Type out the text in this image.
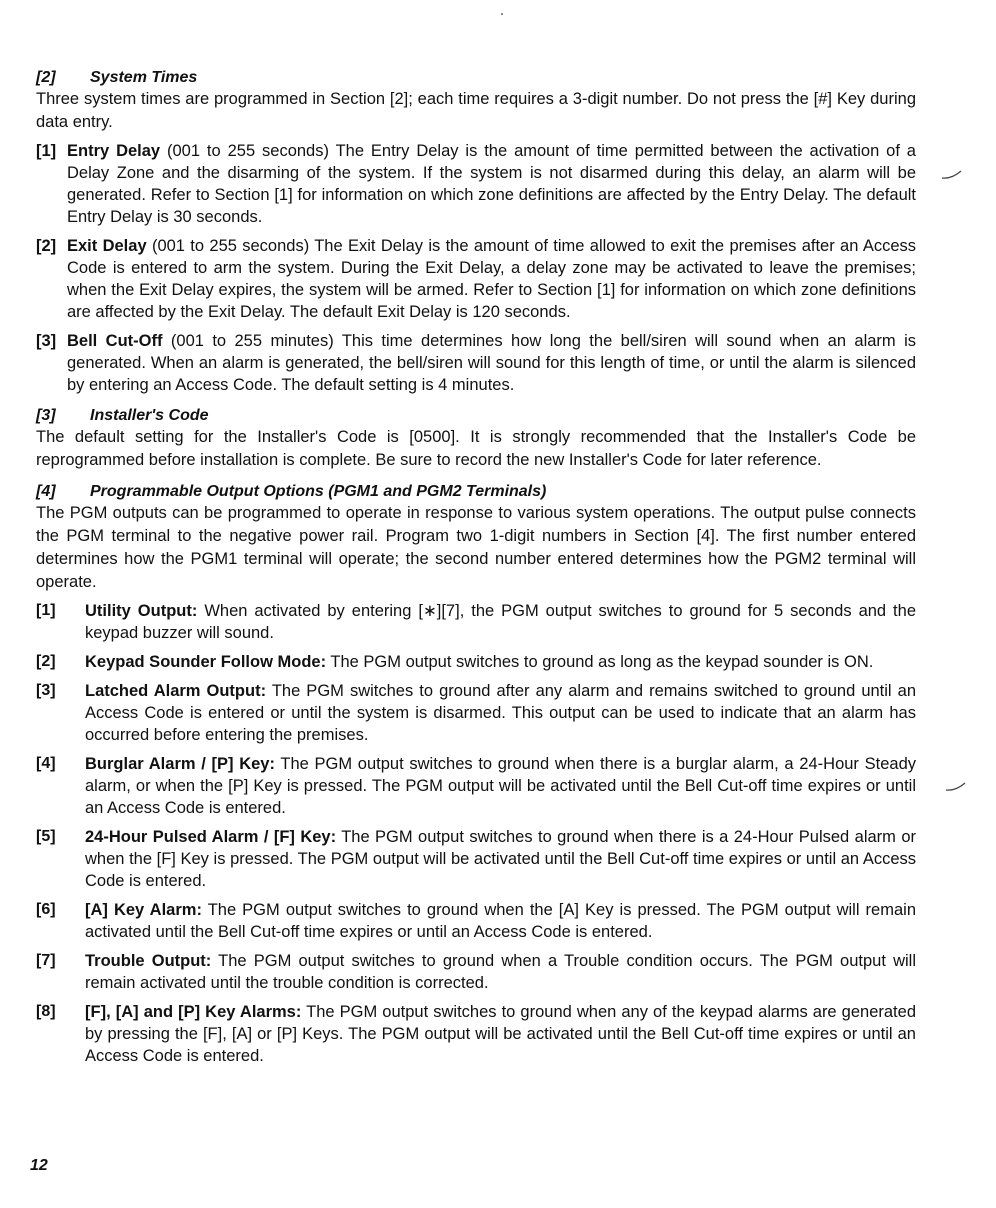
[2] System Times

Three system times are programmed in Section [2]; each time requires a 3-digit number. Do not press the [#] Key during data entry.

[1] Entry Delay (001 to 255 seconds) The Entry Delay is the amount of time permitted between the activation of a Delay Zone and the disarming of the system. If the system is not disarmed during this delay, an alarm will be generated. Refer to Section [1] for information on which zone definitions are affected by the Entry Delay. The default Entry Delay is 30 seconds.

[2] Exit Delay (001 to 255 seconds) The Exit Delay is the amount of time allowed to exit the premises after an Access Code is entered to arm the system. During the Exit Delay, a delay zone may be activated to leave the premises; when the Exit Delay expires, the system will be armed. Refer to Section [1] for information on which zone definitions are affected by the Exit Delay. The default Exit Delay is 120 seconds.

[3] Bell Cut-Off (001 to 255 minutes) This time determines how long the bell/siren will sound when an alarm is generated. When an alarm is generated, the bell/siren will sound for this length of time, or until the alarm is silenced by entering an Access Code. The default setting is 4 minutes.

[3] Installer's Code

The default setting for the Installer's Code is [0500]. It is strongly recommended that the Installer's Code be reprogrammed before installation is complete. Be sure to record the new Installer's Code for later reference.

[4] Programmable Output Options (PGM1 and PGM2 Terminals)

The PGM outputs can be programmed to operate in response to various system operations. The output pulse connects the PGM terminal to the negative power rail. Program two 1-digit numbers in Section [4]. The first number entered determines how the PGM1 terminal will operate; the second number entered determines how the PGM2 terminal will operate.

[1] Utility Output: When activated by entering [∗][7], the PGM output switches to ground for 5 seconds and the keypad buzzer will sound.

[2] Keypad Sounder Follow Mode: The PGM output switches to ground as long as the keypad sounder is ON.

[3] Latched Alarm Output: The PGM switches to ground after any alarm and remains switched to ground until an Access Code is entered or until the system is disarmed. This output can be used to indicate that an alarm has occurred before entering the premises.

[4] Burglar Alarm / [P] Key: The PGM output switches to ground when there is a burglar alarm, a 24-Hour Steady alarm, or when the [P] Key is pressed. The PGM output will be activated until the Bell Cut-off time expires or until an Access Code is entered.

[5] 24-Hour Pulsed Alarm / [F] Key: The PGM output switches to ground when there is a 24-Hour Pulsed alarm or when the [F] Key is pressed. The PGM output will be activated until the Bell Cut-off time expires or until an Access Code is entered.

[6] [A] Key Alarm: The PGM output switches to ground when the [A] Key is pressed. The PGM output will remain activated until the Bell Cut-off time expires or until an Access Code is entered.

[7] Trouble Output: The PGM output switches to ground when a Trouble condition occurs. The PGM output will remain activated until the trouble condition is corrected.

[8] [F], [A] and [P] Key Alarms: The PGM output switches to ground when any of the keypad alarms are generated by pressing the [F], [A] or [P] Keys. The PGM output will be activated until the Bell Cut-off time expires or until an Access Code is entered.

12
